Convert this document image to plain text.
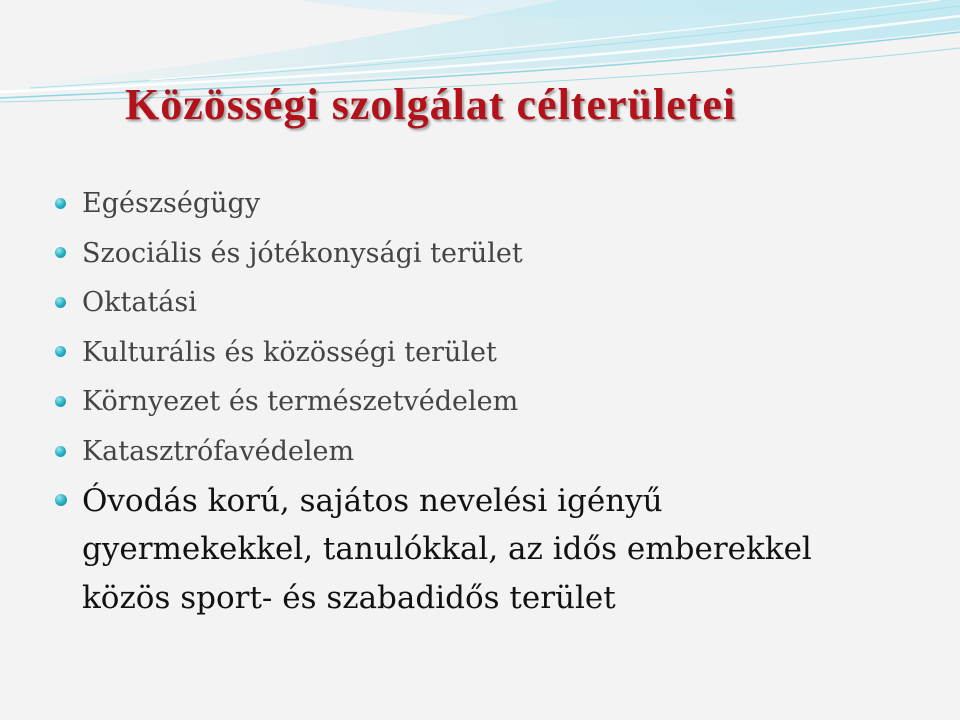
Közösségi szolgálat célterületei
Egészségügy
Szociális és jótékonysági terület
Oktatási
Kulturális és közösségi terület
Környezet és természetvédelem
Katasztrófavédelem
Óvodás korú, sajátos nevelési igényű
gyermekekkel, tanulókkal, az idős emberekkel
közös sport- és szabadidős terület
